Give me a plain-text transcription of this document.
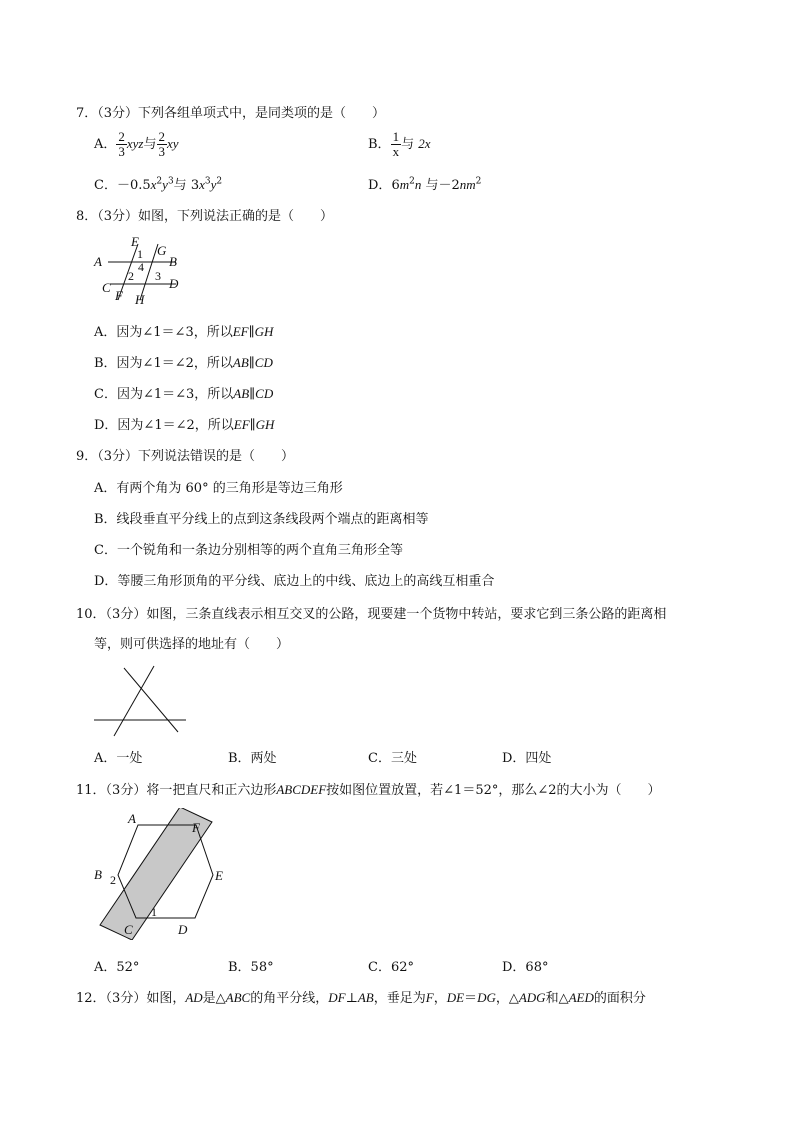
7．（3分）下列各组单项式中，是同类项的是（　　）
A． $\frac{2}{3}$ xyz与 $\frac{2}{3}$ xy	B． $\frac{1}{x}$ 与 2x
C．$-0.5x^2y^3$与 $3x^3y^2$	D．$6m^2n$ 与$-2nm^2$
8．（3分）如图，下列说法正确的是（　　）
A	B
C	D
E
F
G
H
1
2 3
4
A．因为∠1＝∠3，所以EF∥GH
B．因为∠1＝∠2，所以AB∥CD
C．因为∠1＝∠3，所以AB∥CD
D．因为∠1＝∠2，所以EF∥GH
9．（3分）下列说法错误的是（　　）
A．有两个角为 60° 的三角形是等边三角形
B．线段垂直平分线上的点到这条线段两个端点的距离相等
C．一个锐角和一条边分别相等的两个直角三角形全等
D．等腰三角形顶角的平分线、底边上的中线、底边上的高线互相重合
10．（3分）如图，三条直线表示相互交叉的公路，现要建一个货物中转站，要求它到三条公路的距离相
等，则可供选择的地址有（　　）
A．一处	B．两处	C．三处	D．四处
11．（3分）将一把直尺和正六边形ABCDEF按如图位置放置，若∠1＝52°，那么∠2的大小为（　　）
A
F
B	E
C	D
2
1
A．52°	B．58°	C．62°	D．68°
12．（3分）如图，AD是△ABC的角平分线，DF⊥AB，垂足为F，DE＝DG，△ADG和△AED的面积分
